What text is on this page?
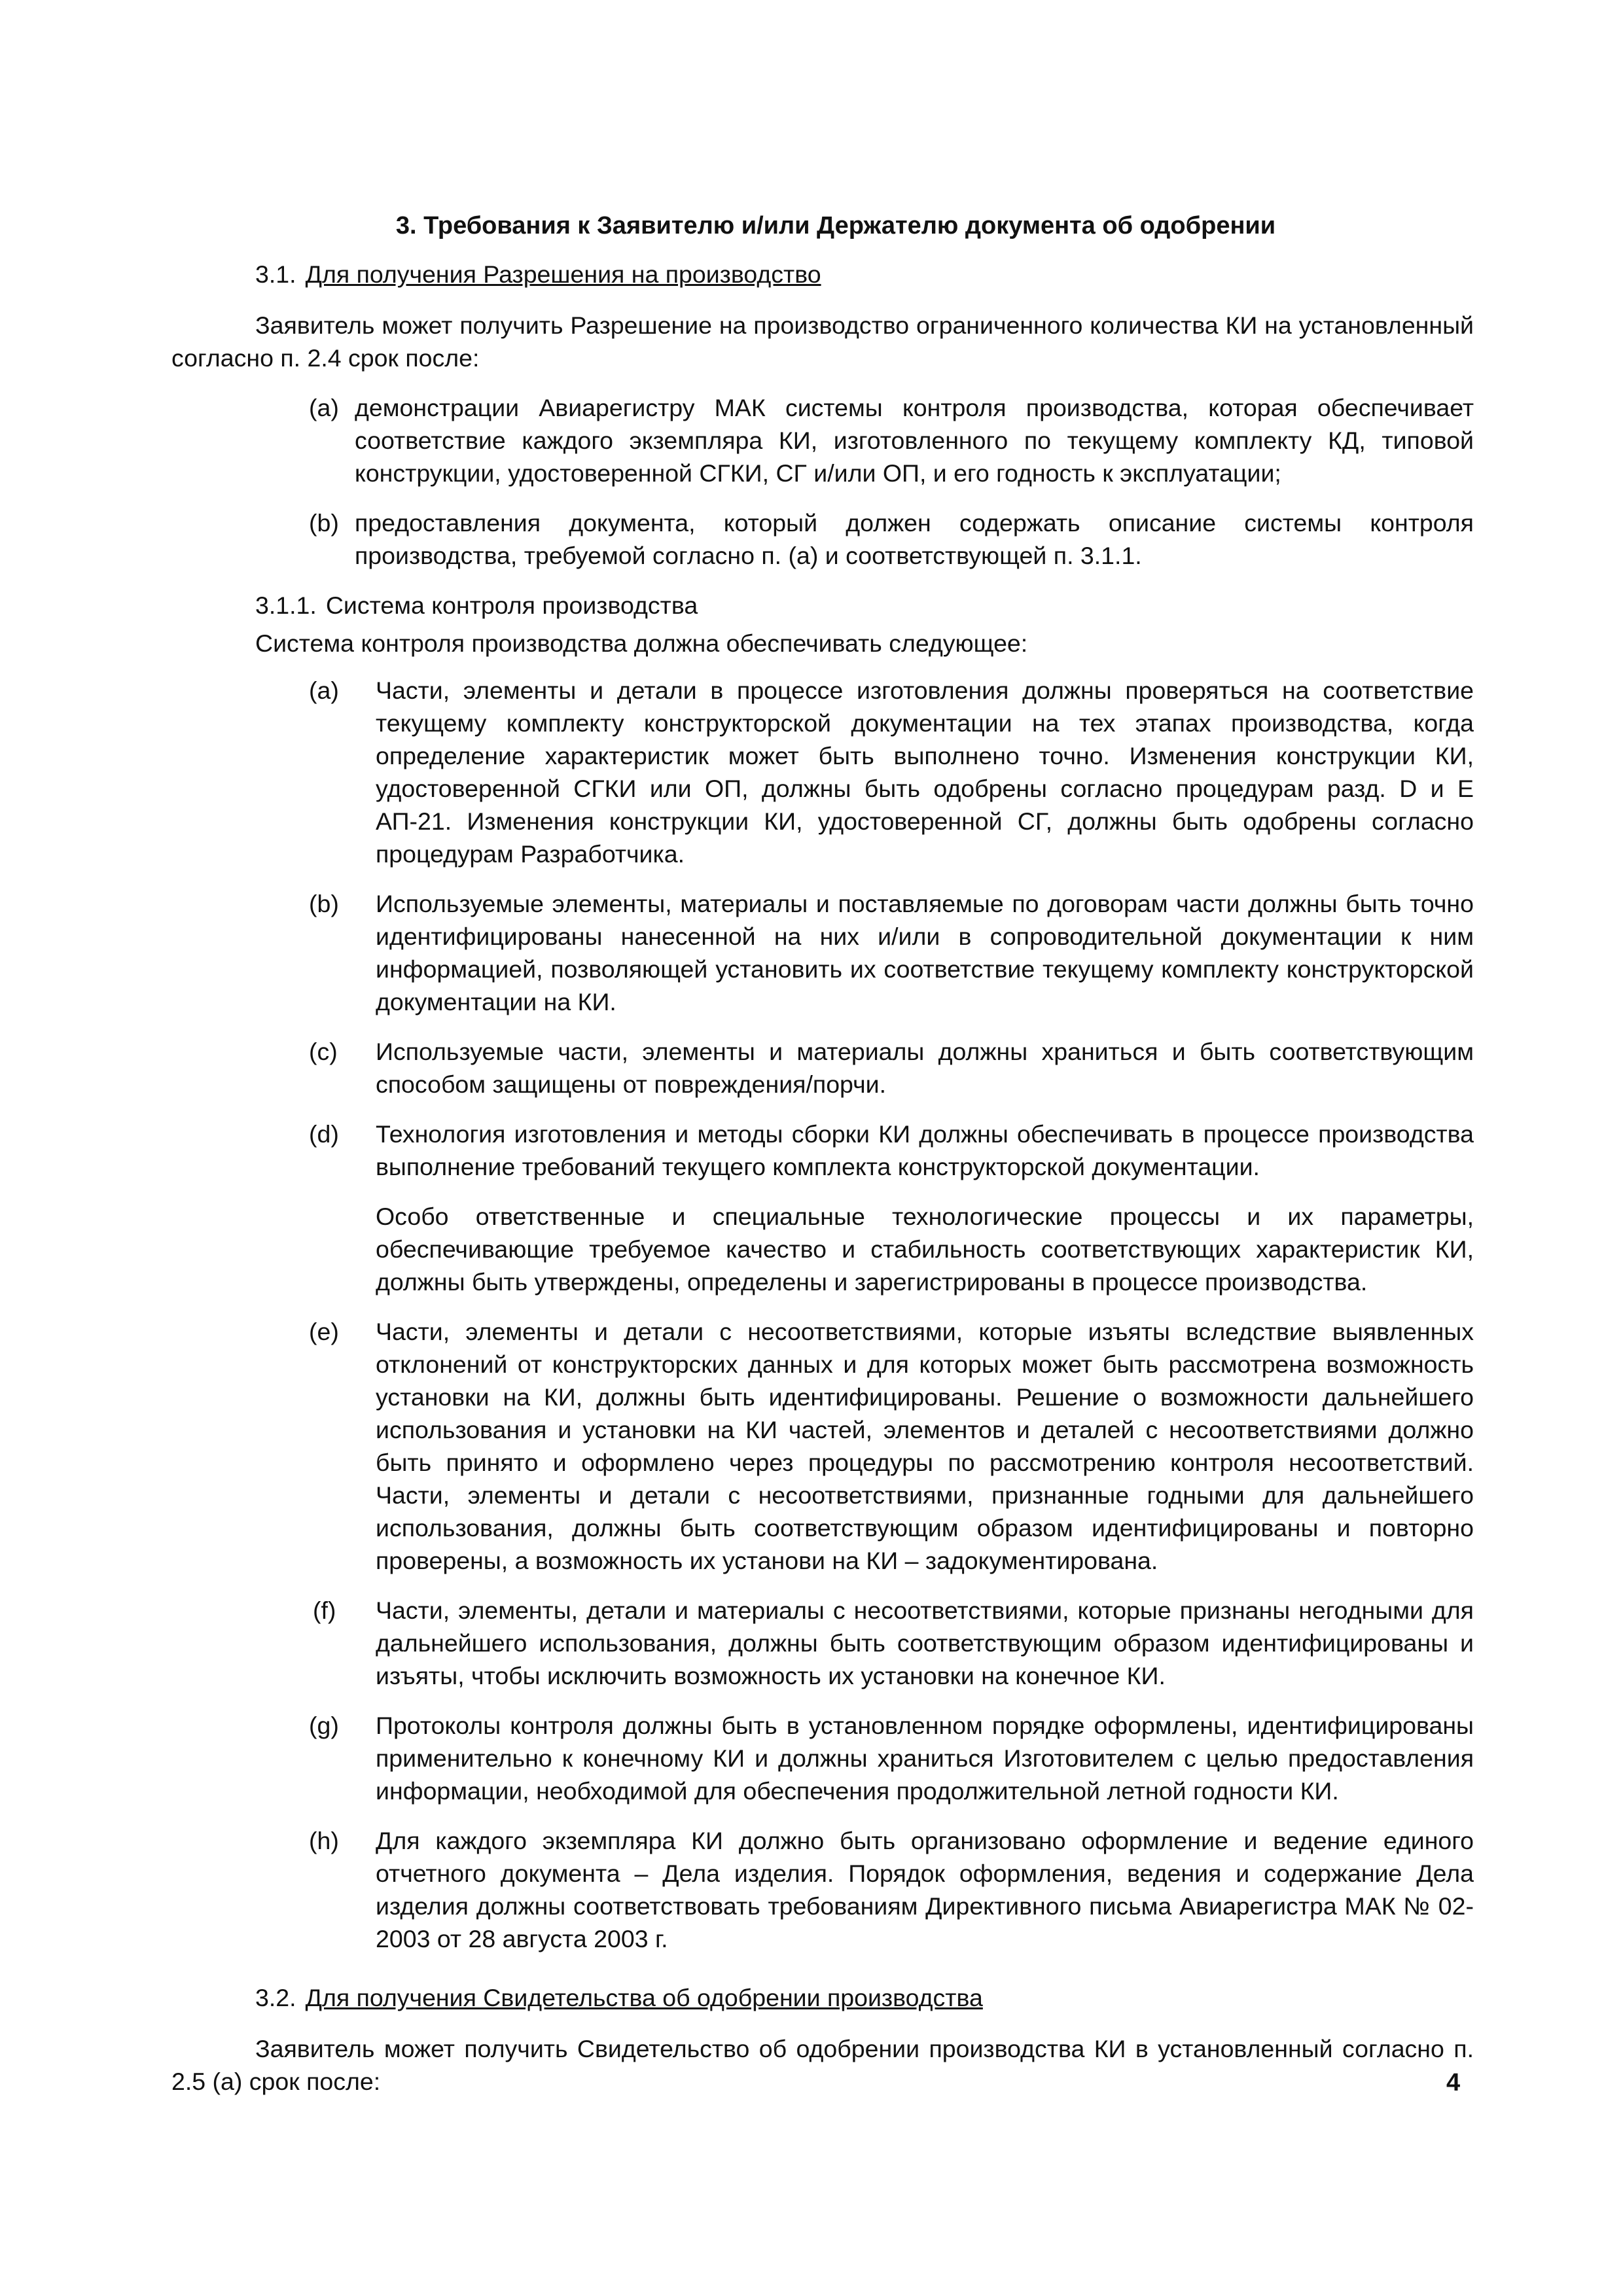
3. Требования к Заявителю и/или Держателю документа об одобрении
3.1. Для получения Разрешения на производство

Заявитель может получить Разрешение на производство ограниченного количества КИ на установленный согласно п. 2.4 срок после:

(a) демонстрации Авиарегистру МАК системы контроля производства, которая обеспечивает соответствие каждого экземпляра КИ, изготовленного по текущему комплекту КД, типовой конструкции, удостоверенной СГКИ, СГ и/или ОП, и его годность к эксплуатации;
(b) предоставления документа, который должен содержать описание системы контроля производства, требуемой согласно п. (a) и соответствующей п. 3.1.1.
3.1.1. Система контроля производства

Система контроля производства должна обеспечивать следующее:

(a) Части, элементы и детали в процессе изготовления должны проверяться на соответствие текущему комплекту конструкторской документации на тех этапах производства, когда определение характеристик может быть выполнено точно. Изменения конструкции КИ, удостоверенной СГКИ или ОП, должны быть одобрены согласно процедурам разд. D и E АП-21. Изменения конструкции КИ, удостоверенной СГ, должны быть одобрены согласно процедурам Разработчика.
(b) Используемые элементы, материалы и поставляемые по договорам части должны быть точно идентифицированы нанесенной на них и/или в сопроводительной документации к ним информацией, позволяющей установить их соответствие текущему комплекту конструкторской документации на КИ.
(c) Используемые части, элементы и материалы должны храниться и быть соответствующим способом защищены от повреждения/порчи.
(d) Технология изготовления и методы сборки КИ должны обеспечивать в процессе производства выполнение требований текущего комплекта конструкторской документации.

Особо ответственные и специальные технологические процессы и их параметры, обеспечивающие требуемое качество и стабильность соответствующих характеристик КИ, должны быть утверждены, определены и зарегистрированы в процессе производства.

(e) Части, элементы и детали с несоответствиями, которые изъяты вследствие выявленных отклонений от конструкторских данных и для которых может быть рассмотрена возможность установки на КИ, должны быть идентифицированы. Решение о возможности дальнейшего использования и установки на КИ частей, элементов и деталей с несоответствиями должно быть принято и оформлено через процедуры по рассмотрению контроля несоответствий. Части, элементы и детали с несоответствиями, признанные годными для дальнейшего использования, должны быть соответствующим образом идентифицированы и повторно проверены, а возможность их установи на КИ – задокументирована.
(f) Части, элементы, детали и материалы с несоответствиями, которые признаны негодными для дальнейшего использования, должны быть соответствующим образом идентифицированы и изъяты, чтобы исключить возможность их установки на конечное КИ.
(g) Протоколы контроля должны быть в установленном порядке оформлены, идентифицированы применительно к конечному КИ и должны храниться Изготовителем с целью предоставления информации, необходимой для обеспечения продолжительной летной годности КИ.
(h) Для каждого экземпляра КИ должно быть организовано оформление и ведение единого отчетного документа – Дела изделия. Порядок оформления, ведения и содержание Дела изделия должны соответствовать требованиям Директивного письма Авиарегистра МАК № 02-2003 от 28 августа 2003 г.
3.2. Для получения Свидетельства об одобрении производства

Заявитель может получить Свидетельство об одобрении производства КИ в установленный согласно п. 2.5 (a) срок после:	4
